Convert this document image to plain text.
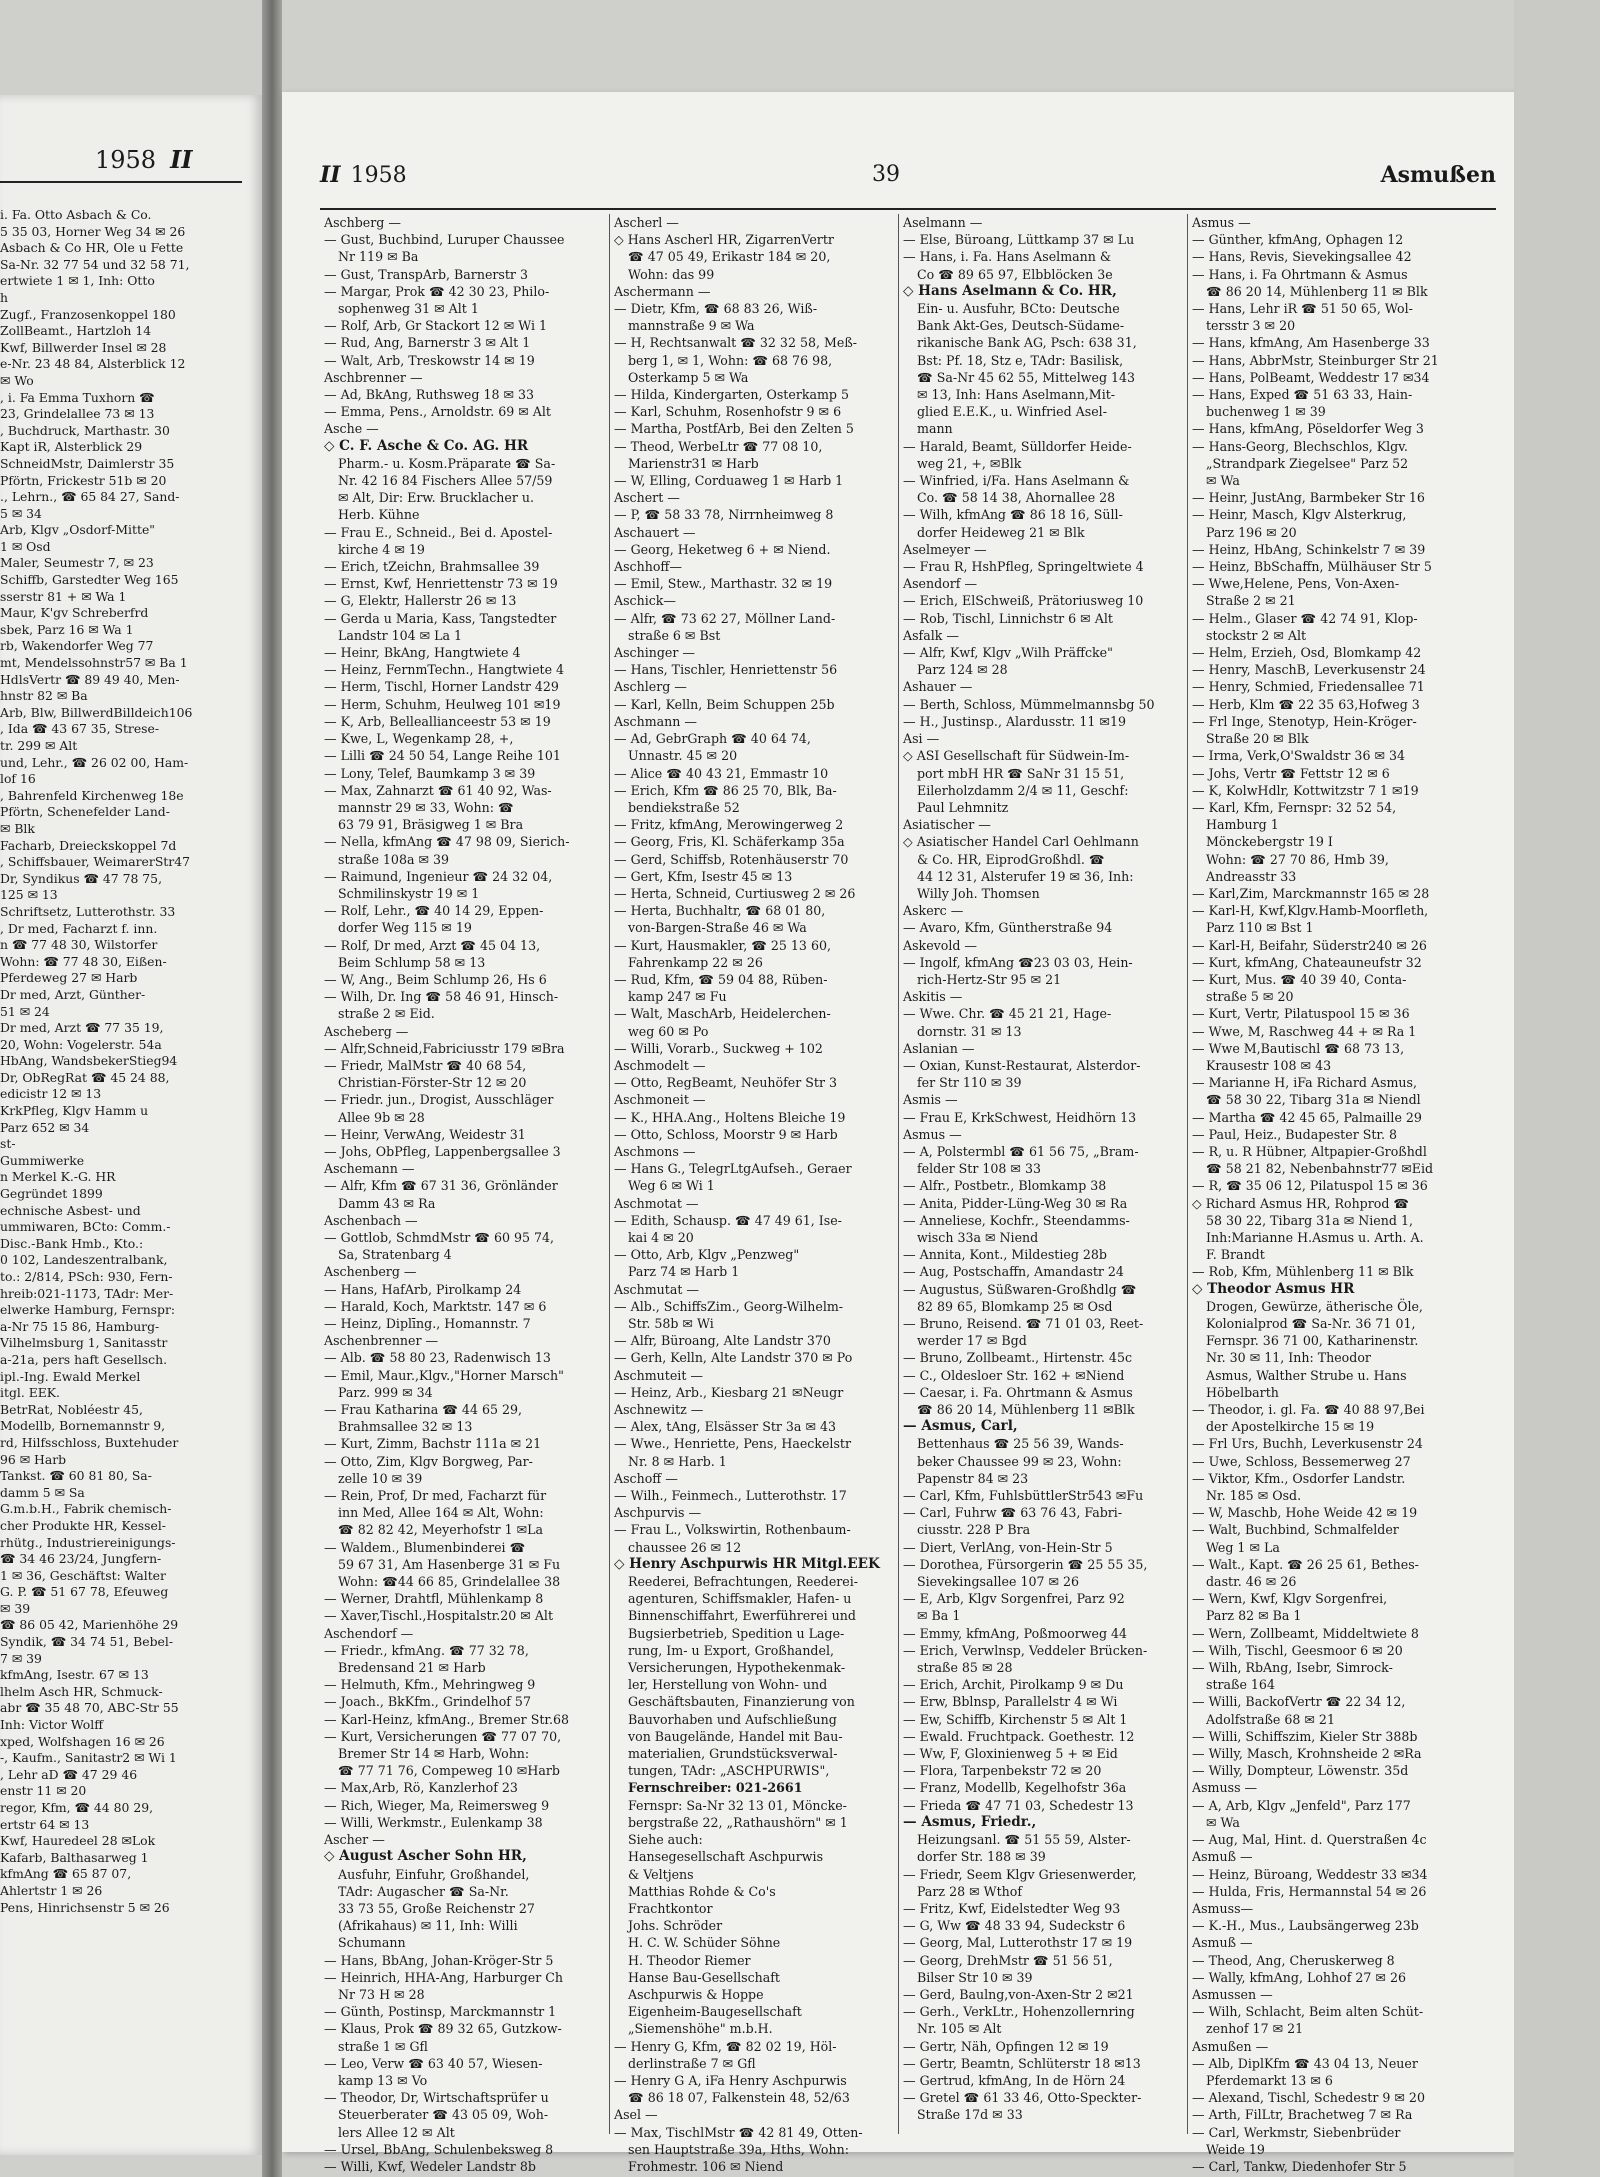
1958 II
i. Fa. Otto Asbach & Co.
5 35 03, Horner Weg 34 ✉ 26
Asbach & Co HR, Ole u Fette
Sa-Nr. 32 77 54 und 32 58 71,
ertwiete 1 ✉ 1, Inh: Otto
h
Zugf., Franzosenkoppel 180
ZollBeamt., Hartzloh 14
Kwf, Billwerder Insel ✉ 28
e-Nr. 23 48 84, Alsterblick 12
✉ Wo
, i. Fa Emma Tuxhorn ☎
23, Grindelallee 73 ✉ 13
, Buchdruck, Marthastr. 30
Kapt iR, Alsterblick 29
SchneidMstr, Daimlerstr 35
Pförtn, Frickestr 51b ✉ 20
., Lehrn., ☎ 65 84 27, Sand-
5 ✉ 34
Arb, Klgv „Osdorf-Mitte"
1 ✉ Osd
Maler, Seumestr 7, ✉ 23
Schiffb, Garstedter Weg 165
sserstr 81 + ✉ Wa 1
Maur, K'gv Schreberfrd
sbek, Parz 16 ✉ Wa 1
rb, Wakendorfer Weg 77
mt, Mendelssohnstr57 ✉ Ba 1
HdlsVertr ☎ 89 49 40, Men-
hnstr 82 ✉ Ba
Arb, Blw, BillwerdBilldeich106
, Ida ☎ 43 67 35, Strese-
tr. 299 ✉ Alt
und, Lehr., ☎ 26 02 00, Ham-
lof 16
, Bahrenfeld Kirchenweg 18e
Pförtn, Schenefelder Land-
✉ Blk
Facharb, Dreieckskoppel 7d
, Schiffsbauer, WeimarerStr47
Dr, Syndikus ☎ 47 78 75,
125 ✉ 13
Schriftsetz, Lutterothstr. 33
, Dr med, Facharzt f. inn.
n ☎ 77 48 30, Wilstorfer
Wohn: ☎ 77 48 30, Eißen-
Pferdeweg 27 ✉ Harb
Dr med, Arzt, Günther-
51 ✉ 24
Dr med, Arzt ☎ 77 35 19,
20, Wohn: Vogelerstr. 54a
HbAng, WandsbekerStieg94
Dr, ObRegRat ☎ 45 24 88,
edicistr 12 ✉ 13
KrkPfleg, Klgv Hamm u
Parz 652 ✉ 34
st-
Gummiwerke
n Merkel K.-G. HR
Gegründet 1899
echnische Asbest- und
ummiwaren, BCto: Comm.-
Disc.-Bank Hmb., Kto.:
0 102, Landeszentralbank,
to.: 2/814, PSch: 930, Fern-
hreib:021-1173, TAdr: Mer-
elwerke Hamburg, Fernspr:
a-Nr 75 15 86, Hamburg-
Vilhelmsburg 1, Sanitasstr
a-21a, pers haft Gesellsch.
ipl.-Ing. Ewald Merkel
itgl. EEK.
BetrRat, Nobléestr 45,
Modellb, Bornemannstr 9,
rd, Hilfsschloss, Buxtehuder
96 ✉ Harb
Tankst. ☎ 60 81 80, Sa-
damm 5 ✉ Sa
G.m.b.H., Fabrik chemisch-
cher Produkte HR, Kessel-
rhütg., Industriereinigungs-
☎ 34 46 23/24, Jungfern-
1 ✉ 36, Geschäftst: Walter
G. P. ☎ 51 67 78, Efeuweg
✉ 39
☎ 86 05 42, Marienhöhe 29
Syndik, ☎ 34 74 51, Bebel-
7 ✉ 39
kfmAng, Isestr. 67 ✉ 13
lhelm Asch HR, Schmuck-
abr ☎ 35 48 70, ABC-Str 55
Inh: Victor Wolff
xped, Wolfshagen 16 ✉ 26
-, Kaufm., Sanitastr2 ✉ Wi 1
, Lehr aD ☎ 47 29 46
enstr 11 ✉ 20
regor, Kfm, ☎ 44 80 29,
ertstr 64 ✉ 13
Kwf, Hauredeel 28 ✉Lok
Kafarb, Balthasarweg 1
kfmAng ☎ 65 87 07,
Ahlertstr 1 ✉ 26
Pens, Hinrichsenstr 5 ✉ 26
II 1958	39	Asmußen
Aschberg —
— Gust, Buchbind, Luruper Chaussee
Nr 119 ✉ Ba
— Gust, TranspArb, Barnerstr 3
— Margar, Prok ☎ 42 30 23, Philo-
sophenweg 31 ✉ Alt 1
— Rolf, Arb, Gr Stackort 12 ✉ Wi 1
— Rud, Ang, Barnerstr 3 ✉ Alt 1
— Walt, Arb, Treskowstr 14 ✉ 19
Aschbrenner —
— Ad, BkAng, Ruthsweg 18 ✉ 33
— Emma, Pens., Arnoldstr. 69 ✉ Alt
Asche —
◇ C. F. Asche & Co. AG. HR
Pharm.- u. Kosm.Präparate ☎ Sa-
Nr. 42 16 84 Fischers Allee 57/59
✉ Alt, Dir: Erw. Brucklacher u.
Herb. Kühne
— Frau E., Schneid., Bei d. Apostel-
kirche 4 ✉ 19
— Erich, tZeichn, Brahmsallee 39
— Ernst, Kwf, Henriettenstr 73 ✉ 19
— G, Elektr, Hallerstr 26 ✉ 13
— Gerda u Maria, Kass, Tangstedter
Landstr 104 ✉ La 1
— Heinr, BkAng, Hangtwiete 4
— Heinz, FernmTechn., Hangtwiete 4
— Herm, Tischl, Horner Landstr 429
— Herm, Schuhm, Heulweg 101 ✉19
— K, Arb, Belleallianceestr 53 ✉ 19
— Kwe, L, Wegenkamp 28, +,
— Lilli ☎ 24 50 54, Lange Reihe 101
— Lony, Telef, Baumkamp 3 ✉ 39
— Max, Zahnarzt ☎ 61 40 92, Was-
mannstr 29 ✉ 33, Wohn: ☎
63 79 91, Bräsigweg 1 ✉ Bra
— Nella, kfmAng ☎ 47 98 09, Sierich-
straße 108a ✉ 39
— Raimund, Ingenieur ☎ 24 32 04,
Schmilinskystr 19 ✉ 1
— Rolf, Lehr., ☎ 40 14 29, Eppen-
dorfer Weg 115 ✉ 19
— Rolf, Dr med, Arzt ☎ 45 04 13,
Beim Schlump 58 ✉ 13
— W, Ang., Beim Schlump 26, Hs 6
— Wilh, Dr. Ing ☎ 58 46 91, Hinsch-
straße 2 ✉ Eid.
Ascheberg —
— Alfr,Schneid,Fabriciusstr 179 ✉Bra
— Friedr, MalMstr ☎ 40 68 54,
Christian-Förster-Str 12 ✉ 20
— Friedr. jun., Drogist, Ausschläger
Allee 9b ✉ 28
— Heinr, VerwAng, Weidestr 31
— Johs, ObPfleg, Lappenbergsallee 3
Aschemann —
— Alfr, Kfm ☎ 67 31 36, Grönländer
Damm 43 ✉ Ra
Aschenbach —
— Gottlob, SchmdMstr ☎ 60 95 74,
Sa, Stratenbarg 4
Aschenberg —
— Hans, HafArb, Pirolkamp 24
— Harald, Koch, Marktstr. 147 ✉ 6
— Heinz, Diplīng., Homannstr. 7
Aschenbrenner —
— Alb. ☎ 58 80 23, Radenwisch 13
— Emil, Maur.,Klgv.,"Horner Marsch"
Parz. 999 ✉ 34
— Frau Katharina ☎ 44 65 29,
Brahmsallee 32 ✉ 13
— Kurt, Zimm, Bachstr 111a ✉ 21
— Otto, Zim, Klgv Borgweg, Par-
zelle 10 ✉ 39
— Rein, Prof, Dr med, Facharzt für
inn Med, Allee 164 ✉ Alt, Wohn:
☎ 82 82 42, Meyerhofstr 1 ✉La
— Waldem., Blumenbinderei ☎
59 67 31, Am Hasenberge 31 ✉ Fu
Wohn: ☎44 66 85, Grindelallee 38
— Werner, Drahtfl, Mühlenkamp 8
— Xaver,Tischl.,Hospitalstr.20 ✉ Alt
Aschendorf —
— Friedr., kfmAng. ☎ 77 32 78,
Bredensand 21 ✉ Harb
— Helmuth, Kfm., Mehringweg 9
— Joach., BkKfm., Grindelhof 57
— Karl-Heinz, kfmAng., Bremer Str.68
— Kurt, Versicherungen ☎ 77 07 70,
Bremer Str 14 ✉ Harb, Wohn:
☎ 77 71 76, Compeweg 10 ✉Harb
— Max,Arb, Rö, Kanzlerhof 23
— Rich, Wieger, Ma, Reimersweg 9
— Willi, Werkmstr., Eulenkamp 38
Ascher —
◇ August Ascher Sohn HR,
Ausfuhr, Einfuhr, Großhandel,
TAdr: Augascher ☎ Sa-Nr.
33 73 55, Große Reichenstr 27
(Afrikahaus) ✉ 11, Inh: Willi
Schumann
— Hans, BbAng, Johan-Kröger-Str 5
— Heinrich, HHA-Ang, Harburger Ch
Nr 73 H ✉ 28
— Günth, Postinsp, Marckmannstr 1
— Klaus, Prok ☎ 89 32 65, Gutzkow-
straße 1 ✉ Gfl
— Leo, Verw ☎ 63 40 57, Wiesen-
kamp 13 ✉ Vo
— Theodor, Dr, Wirtschaftsprüfer u
Steuerberater ☎ 43 05 09, Woh-
lers Allee 12 ✉ Alt
— Ursel, BbAng, Schulenbeksweg 8
— Willi, Kwf, Wedeler Landstr 8b
Ascherl —
◇ Hans Ascherl HR, ZigarrenVertr
☎ 47 05 49, Erikastr 184 ✉ 20,
Wohn: das 99
Aschermann —
— Dietr, Kfm, ☎ 68 83 26, Wiß-
mannstraße 9 ✉ Wa
— H, Rechtsanwalt ☎ 32 32 58, Meß-
berg 1, ✉ 1, Wohn: ☎ 68 76 98,
Osterkamp 5 ✉ Wa
— Hilda, Kindergarten, Osterkamp 5
— Karl, Schuhm, Rosenhofstr 9 ✉ 6
— Martha, PostfArb, Bei den Zelten 5
— Theod, WerbeLtr ☎ 77 08 10,
Marienstr31 ✉ Harb
— W, Elling, Corduaweg 1 ✉ Harb 1
Aschert —
— P, ☎ 58 33 78, Nirrnheimweg 8
Aschauert —
— Georg, Heketweg 6 + ✉ Niend.
Aschhoff—
— Emil, Stew., Marthastr. 32 ✉ 19
Aschick—
— Alfr, ☎ 73 62 27, Möllner Land-
straße 6 ✉ Bst
Aschinger —
— Hans, Tischler, Henriettenstr 56
Aschlerg —
— Karl, Kelln, Beim Schuppen 25b
Aschmann —
— Ad, GebrGraph ☎ 40 64 74,
Unnastr. 45 ✉ 20
— Alice ☎ 40 43 21, Emmastr 10
— Erich, Kfm ☎ 86 25 70, Blk, Ba-
bendiekstraße 52
— Fritz, kfmAng, Merowingerweg 2
— Georg, Fris, Kl. Schäferkamp 35a
— Gerd, Schiffsb, Rotenhäuserstr 70
— Gert, Kfm, Isestr 45 ✉ 13
— Herta, Schneid, Curtiusweg 2 ✉ 26
— Herta, Buchhaltr, ☎ 68 01 80,
von-Bargen-Straße 46 ✉ Wa
— Kurt, Hausmakler, ☎ 25 13 60,
Fahrenkamp 22 ✉ 26
— Rud, Kfm, ☎ 59 04 88, Rüben-
kamp 247 ✉ Fu
— Walt, MaschArb, Heidelerchen-
weg 60 ✉ Po
— Willi, Vorarb., Suckweg + 102
Aschmodelt —
— Otto, RegBeamt, Neuhöfer Str 3
Aschmoneit —
— K., HHA.Ang., Holtens Bleiche 19
— Otto, Schloss, Moorstr 9 ✉ Harb
Aschmons —
— Hans G., TelegrLtgAufseh., Geraer
Weg 6 ✉ Wi 1
Aschmotat —
— Edith, Schausp. ☎ 47 49 61, Ise-
kai 4 ✉ 20
— Otto, Arb, Klgv „Penzweg"
Parz 74 ✉ Harb 1
Aschmutat —
— Alb., SchiffsZim., Georg-Wilhelm-
Str. 58b ✉ Wi
— Alfr, Büroang, Alte Landstr 370
— Gerh, Kelln, Alte Landstr 370 ✉ Po
Aschmuteit —
— Heinz, Arb., Kiesbarg 21 ✉Neugr
Aschnewitz —
— Alex, tAng, Elsässer Str 3a ✉ 43
— Wwe., Henriette, Pens, Haeckelstr
Nr. 8 ✉ Harb. 1
Aschoff —
— Wilh., Feinmech., Lutterothstr. 17
Aschpurvis —
— Frau L., Volkswirtin, Rothenbaum-
chaussee 26 ✉ 12
◇ Henry Aschpurwis HR Mitgl.EEK
Reederei, Befrachtungen, Reederei-
agenturen, Schiffsmakler, Hafen- u
Binnenschiffahrt, Ewerführerei und
Bugsierbetrieb, Spedition u Lage-
rung, Im- u Export, Großhandel,
Versicherungen, Hypothekenmak-
ler, Herstellung von Wohn- und
Geschäftsbauten, Finanzierung von
Bauvorhaben und Aufschließung
von Baugelände, Handel mit Bau-
materialien, Grundstücksverwal-
tungen, TAdr: „ASCHPURWIS",
Fernschreiber: 021-2661
Fernspr: Sa-Nr 32 13 01, Möncke-
bergstraße 22, „Rathaushörn" ✉ 1
Siehe auch:
Hansegesellschaft Aschpurwis
& Veltjens
Matthias Rohde & Co's
Frachtkontor
Johs. Schröder
H. C. W. Schüder Söhne
H. Theodor Riemer
Hanse Bau-Gesellschaft
Aschpurwis & Hoppe
Eigenheim-Baugesellschaft
„Siemenshöhe" m.b.H.
— Henry G, Kfm, ☎ 82 02 19, Höl-
derlinstraße 7 ✉ Gfl
— Henry G A, iFa Henry Aschpurwis
☎ 86 18 07, Falkenstein 48, 52/63
Asel —
— Max, TischlMstr ☎ 42 81 49, Otten-
sen Hauptstraße 39a, Hths, Wohn:
Frohmestr. 106 ✉ Niend
Aselmann —
— Else, Büroang, Lüttkamp 37 ✉ Lu
— Hans, i. Fa. Hans Aselmann &
Co ☎ 89 65 97, Elbblöcken 3e
◇ Hans Aselmann & Co. HR,
Ein- u. Ausfuhr, BCto: Deutsche
Bank Akt-Ges, Deutsch-Südame-
rikanische Bank AG, Psch: 638 31,
Bst: Pf. 18, Stz e, TAdr: Basilisk,
☎ Sa-Nr 45 62 55, Mittelweg 143
✉ 13, Inh: Hans Aselmann,Mit-
glied E.E.K., u. Winfried Asel-
mann
— Harald, Beamt, Sülldorfer Heide-
weg 21, +, ✉Blk
— Winfried, i/Fa. Hans Aselmann &
Co. ☎ 58 14 38, Ahornallee 28
— Wilh, kfmAng ☎ 86 18 16, Süll-
dorfer Heideweg 21 ✉ Blk
Aselmeyer —
— Frau R, HshPfleg, Springeltwiete 4
Asendorf —
— Erich, ElSchweiß, Prätoriusweg 10
— Rob, Tischl, Linnichstr 6 ✉ Alt
Asfalk —
— Alfr, Kwf, Klgv „Wilh Präffcke"
Parz 124 ✉ 28
Ashauer —
— Berth, Schloss, Mümmelmannsbg 50
— H., Justinsp., Alardusstr. 11 ✉19
Asi —
◇ ASI Gesellschaft für Südwein-Im-
port mbH HR ☎ SaNr 31 15 51,
Eilerholzdamm 2/4 ✉ 11, Geschf:
Paul Lehmnitz
Asiatischer —
◇ Asiatischer Handel Carl Oehlmann
& Co. HR, EiprodGroßhdl. ☎
44 12 31, Alsterufer 19 ✉ 36, Inh:
Willy Joh. Thomsen
Askerc —
— Avaro, Kfm, Güntherstraße 94
Askevold —
— Ingolf, kfmAng ☎23 03 03, Hein-
rich-Hertz-Str 95 ✉ 21
Askitis —
— Wwe. Chr. ☎ 45 21 21, Hage-
dornstr. 31 ✉ 13
Aslanian —
— Oxian, Kunst-Restaurat, Alsterdor-
fer Str 110 ✉ 39
Asmis —
— Frau E, KrkSchwest, Heidhörn 13
Asmus —
— A, Polstermbl ☎ 61 56 75, „Bram-
felder Str 108 ✉ 33
— Alfr., Postbetr., Blomkamp 38
— Anita, Pidder-Lüng-Weg 30 ✉ Ra
— Anneliese, Kochfr., Steendamms-
wisch 33a ✉ Niend
— Annita, Kont., Mildestieg 28b
— Aug, Postschaffn, Amandastr 24
— Augustus, Süßwaren-Großhdlg ☎
82 89 65, Blomkamp 25 ✉ Osd
— Bruno, Reisend. ☎ 71 01 03, Reet-
werder 17 ✉ Bgd
— Bruno, Zollbeamt., Hirtenstr. 45c
— C., Oldesloer Str. 162 + ✉Niend
— Caesar, i. Fa. Ohrtmann & Asmus
☎ 86 20 14, Mühlenberg 11 ✉Blk
— Asmus, Carl,
Bettenhaus ☎ 25 56 39, Wands-
beker Chaussee 99 ✉ 23, Wohn:
Papenstr 84 ✉ 23
— Carl, Kfm, FuhlsbüttlerStr543 ✉Fu
— Carl, Fuhrw ☎ 63 76 43, Fabri-
ciusstr. 228 P Bra
— Diert, VerlAng, von-Hein-Str 5
— Dorothea, Fürsorgerin ☎ 25 55 35,
Sievekingsallee 107 ✉ 26
— E, Arb, Klgv Sorgenfrei, Parz 92
✉ Ba 1
— Emmy, kfmAng, Poßmoorweg 44
— Erich, Verwlnsp, Veddeler Brücken-
straße 85 ✉ 28
— Erich, Archit, Pirolkamp 9 ✉ Du
— Erw, Bblnsp, Parallelstr 4 ✉ Wi
— Ew, Schiffb, Kirchenstr 5 ✉ Alt 1
— Ewald. Fruchtpack. Goethestr. 12
— Ww, F, Gloxinienweg 5 + ✉ Eid
— Flora, Tarpenbekstr 72 ✉ 20
— Franz, Modellb, Kegelhofstr 36a
— Frieda ☎ 47 71 03, Schedestr 13
— Asmus, Friedr.,
Heizungsanl. ☎ 51 55 59, Alster-
dorfer Str. 188 ✉ 39
— Friedr, Seem Klgv Griesenwerder,
Parz 28 ✉ Wthof
— Fritz, Kwf, Eidelstedter Weg 93
— G, Ww ☎ 48 33 94, Sudeckstr 6
— Georg, Mal, Lutterothstr 17 ✉ 19
— Georg, DrehMstr ☎ 51 56 51,
Bilser Str 10 ✉ 39
— Gerd, Baulng,von-Axen-Str 2 ✉21
— Gerh., VerkLtr., Hohenzollernring
Nr. 105 ✉ Alt
— Gertr, Näh, Opfingen 12 ✉ 19
— Gertr, Beamtn, Schlüterstr 18 ✉13
— Gertrud, kfmAng, In de Hörn 24
— Gretel ☎ 61 33 46, Otto-Speckter-
Straße 17d ✉ 33
Asmus —
— Günther, kfmAng, Ophagen 12
— Hans, Revis, Sievekingsallee 42
— Hans, i. Fa Ohrtmann & Asmus
☎ 86 20 14, Mühlenberg 11 ✉ Blk
— Hans, Lehr iR ☎ 51 50 65, Wol-
tersstr 3 ✉ 20
— Hans, kfmAng, Am Hasenberge 33
— Hans, AbbrMstr, Steinburger Str 21
— Hans, PolBeamt, Weddestr 17 ✉34
— Hans, Exped ☎ 51 63 33, Hain-
buchenweg 1 ✉ 39
— Hans, kfmAng, Pöseldorfer Weg 3
— Hans-Georg, Blechschlos, Klgv.
„Strandpark Ziegelsee" Parz 52
✉ Wa
— Heinr, JustAng, Barmbeker Str 16
— Heinr, Masch, Klgv Alsterkrug,
Parz 196 ✉ 20
— Heinz, HbAng, Schinkelstr 7 ✉ 39
— Heinz, BbSchaffn, Mülhäuser Str 5
— Wwe,Helene, Pens, Von-Axen-
Straße 2 ✉ 21
— Helm., Glaser ☎ 42 74 91, Klop-
stockstr 2 ✉ Alt
— Helm, Erzieh, Osd, Blomkamp 42
— Henry, MaschB, Leverkusenstr 24
— Henry, Schmied, Friedensallee 71
— Herb, Klm ☎ 22 35 63,Hofweg 3
— Frl Inge, Stenotyp, Hein-Kröger-
Straße 20 ✉ Blk
— Irma, Verk,O'Swaldstr 36 ✉ 34
— Johs, Vertr ☎ Fettstr 12 ✉ 6
— K, KolwHdlr, Kottwitzstr 7 1 ✉19
— Karl, Kfm, Fernspr: 32 52 54,
Hamburg 1
Mönckebergstr 19 I
Wohn: ☎ 27 70 86, Hmb 39,
Andreasstr 33
— Karl,Zim, Marckmannstr 165 ✉ 28
— Karl-H, Kwf,Klgv.Hamb-Moorfleth,
Parz 110 ✉ Bst 1
— Karl-H, Beifahr, Süderstr240 ✉ 26
— Kurt, kfmAng, Chateauneufstr 32
— Kurt, Mus. ☎ 40 39 40, Conta-
straße 5 ✉ 20
— Kurt, Vertr, Pilatuspool 15 ✉ 36
— Wwe, M, Raschweg 44 + ✉ Ra 1
— Wwe M,Bautischl ☎ 68 73 13,
Krausestr 108 ✉ 43
— Marianne H, iFa Richard Asmus,
☎ 58 30 22, Tibarg 31a ✉ Niendl
— Martha ☎ 42 45 65, Palmaille 29
— Paul, Heiz., Budapester Str. 8
— R, u. R Hübner, Altpapier-Großhdl
☎ 58 21 82, Nebenbahnstr77 ✉Eid
— R, ☎ 35 06 12, Pilatuspol 15 ✉ 36
◇ Richard Asmus HR, Rohprod ☎
58 30 22, Tibarg 31a ✉ Niend 1,
Inh:Marianne H.Asmus u. Arth. A.
F. Brandt
— Rob, Kfm, Mühlenberg 11 ✉ Blk
◇ Theodor Asmus HR
Drogen, Gewürze, ätherische Öle,
Kolonialprod ☎ Sa-Nr. 36 71 01,
Fernspr. 36 71 00, Katharinenstr.
Nr. 30 ✉ 11, Inh: Theodor
Asmus, Walther Strube u. Hans
Höbelbarth
— Theodor, i. gl. Fa. ☎ 40 88 97,Bei
der Apostelkirche 15 ✉ 19
— Frl Urs, Buchh, Leverkusenstr 24
— Uwe, Schloss, Bessemerweg 27
— Viktor, Kfm., Osdorfer Landstr.
Nr. 185 ✉ Osd.
— W, Maschb, Hohe Weide 42 ✉ 19
— Walt, Buchbind, Schmalfelder
Weg 1 ✉ La
— Walt., Kapt. ☎ 26 25 61, Bethes-
dastr. 46 ✉ 26
— Wern, Kwf, Klgv Sorgenfrei,
Parz 82 ✉ Ba 1
— Wern, Zollbeamt, Middeltwiete 8
— Wilh, Tischl, Geesmoor 6 ✉ 20
— Wilh, RbAng, Isebr, Simrock-
straße 164
— Willi, BackofVertr ☎ 22 34 12,
Adolfstraße 68 ✉ 21
— Willi, Schiffszim, Kieler Str 388b
— Willy, Masch, Krohnsheide 2 ✉Ra
— Willy, Dompteur, Löwenstr. 35d
Asmuss —
— A, Arb, Klgv „Jenfeld", Parz 177
✉ Wa
— Aug, Mal, Hint. d. Querstraßen 4c
Asmuß —
— Heinz, Büroang, Weddestr 33 ✉34
— Hulda, Fris, Hermannstal 54 ✉ 26
Asmuss—
— K.-H., Mus., Laubsängerweg 23b
Asmuß —
— Theod, Ang, Cheruskerweg 8
— Wally, kfmAng, Lohhof 27 ✉ 26
Asmussen —
— Wilh, Schlacht, Beim alten Schüt-
zenhof 17 ✉ 21
Asmußen —
— Alb, DiplKfm ☎ 43 04 13, Neuer
Pferdemarkt 13 ✉ 6
— Alexand, Tischl, Schedestr 9 ✉ 20
— Arth, FilLtr, Brachetweg 7 ✉ Ra
— Carl, Werkmstr, Siebenbrüder
Weide 19
— Carl, Tankw, Diedenhofer Str 5
